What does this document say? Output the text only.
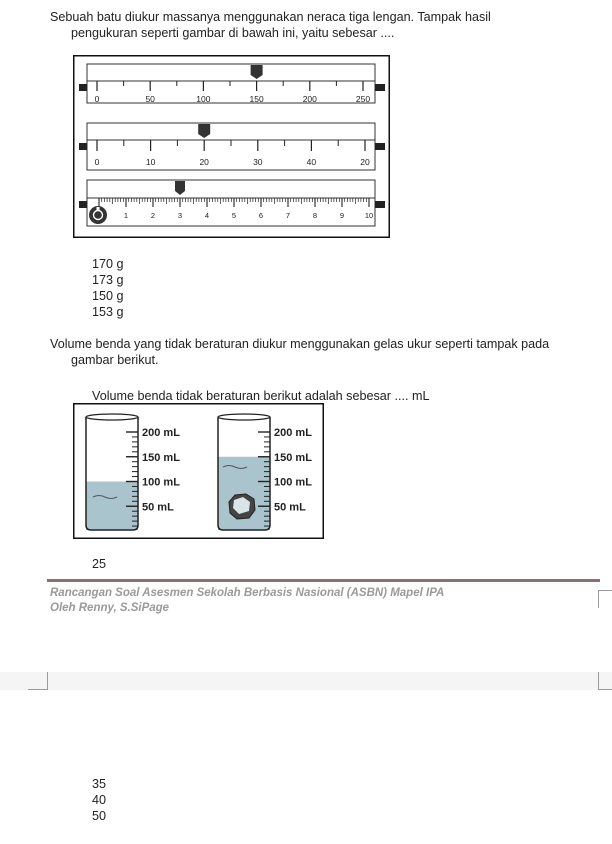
Sebuah batu diukur massanya menggunakan neraca tiga lengan. Tampak hasil
pengukuran seperti gambar di bawah ini, yaitu sebesar ....
0	50	100	150	200	250
0	10	20	30	40	20
1	2	3	4	5	6	7	8	9	10
170 g
173 g
150 g
153 g
Volume benda yang tidak beraturan diukur menggunakan gelas ukur seperti tampak pada
gambar berikut.
Volume benda tidak beraturan berikut adalah sebesar .... mL
200 mL
150 mL
100 mL
50 mL
200 mL
150 mL
100 mL
50 mL
25
Rancangan Soal Asesmen Sekolah Berbasis Nasional (ASBN) Mapel IPA
Oleh Renny, S.SiPage
35
40
50
